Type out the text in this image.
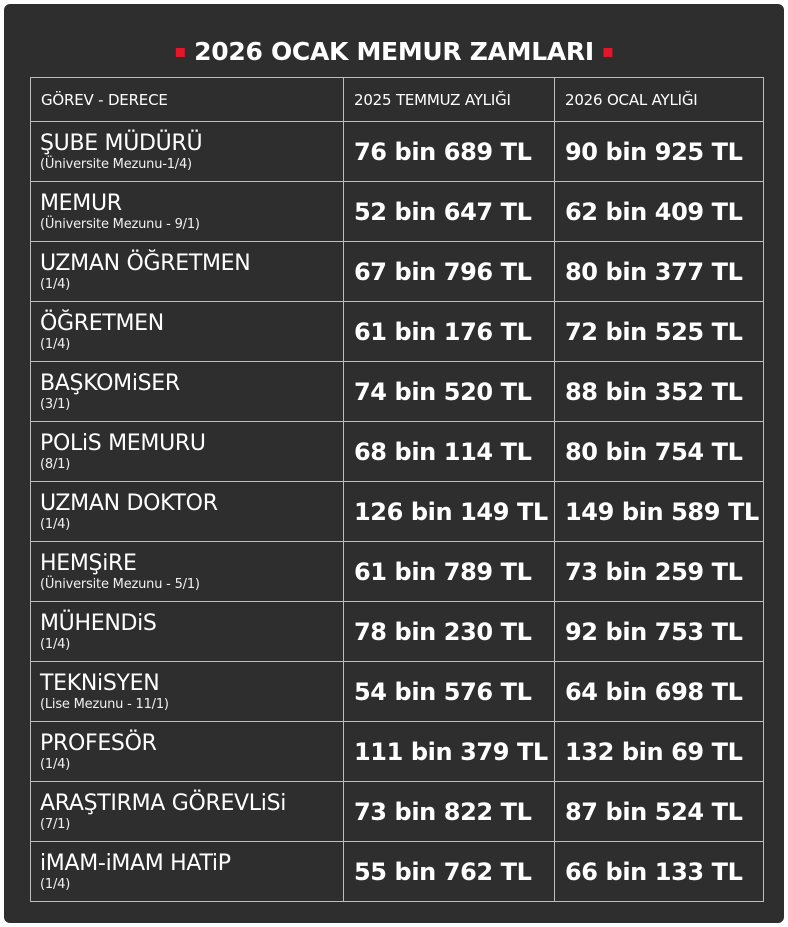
▪ 2026 OCAK MEMUR ZAMLARI ▪
GÖREV - DERECE	2025 TEMMUZ AYLIĞI	2026 OCAL AYLIĞI

ŞUBE MÜDÜRÜ
(Üniversite Mezunu-1/4)	76 bin 689 TL	90 bin 925 TL

MEMUR
(Üniversite Mezunu - 9/1)	52 bin 647 TL	62 bin 409 TL

UZMAN ÖĞRETMEN
(1/4)	67 bin 796 TL	80 bin 377 TL

ÖĞRETMEN
(1/4)	61 bin 176 TL	72 bin 525 TL

BAŞKOMiSER
(3/1)	74 bin 520 TL	88 bin 352 TL

POLiS MEMURU
(8/1)	68 bin 114 TL	80 bin 754 TL

UZMAN DOKTOR
(1/4)	126 bin 149 TL	149 bin 589 TL

HEMŞiRE
(Üniversite Mezunu - 5/1)	61 bin 789 TL	73 bin 259 TL

MÜHENDiS
(1/4)	78 bin 230 TL	92 bin 753 TL

TEKNiSYEN
(Lise Mezunu - 11/1)	54 bin 576 TL	64 bin 698 TL

PROFESÖR
(1/4)	111 bin 379 TL	132 bin 69 TL

ARAŞTIRMA GÖREVLiSi
(7/1)	73 bin 822 TL	87 bin 524 TL

iMAM-iMAM HATiP
(1/4)	55 bin 762 TL	66 bin 133 TL
